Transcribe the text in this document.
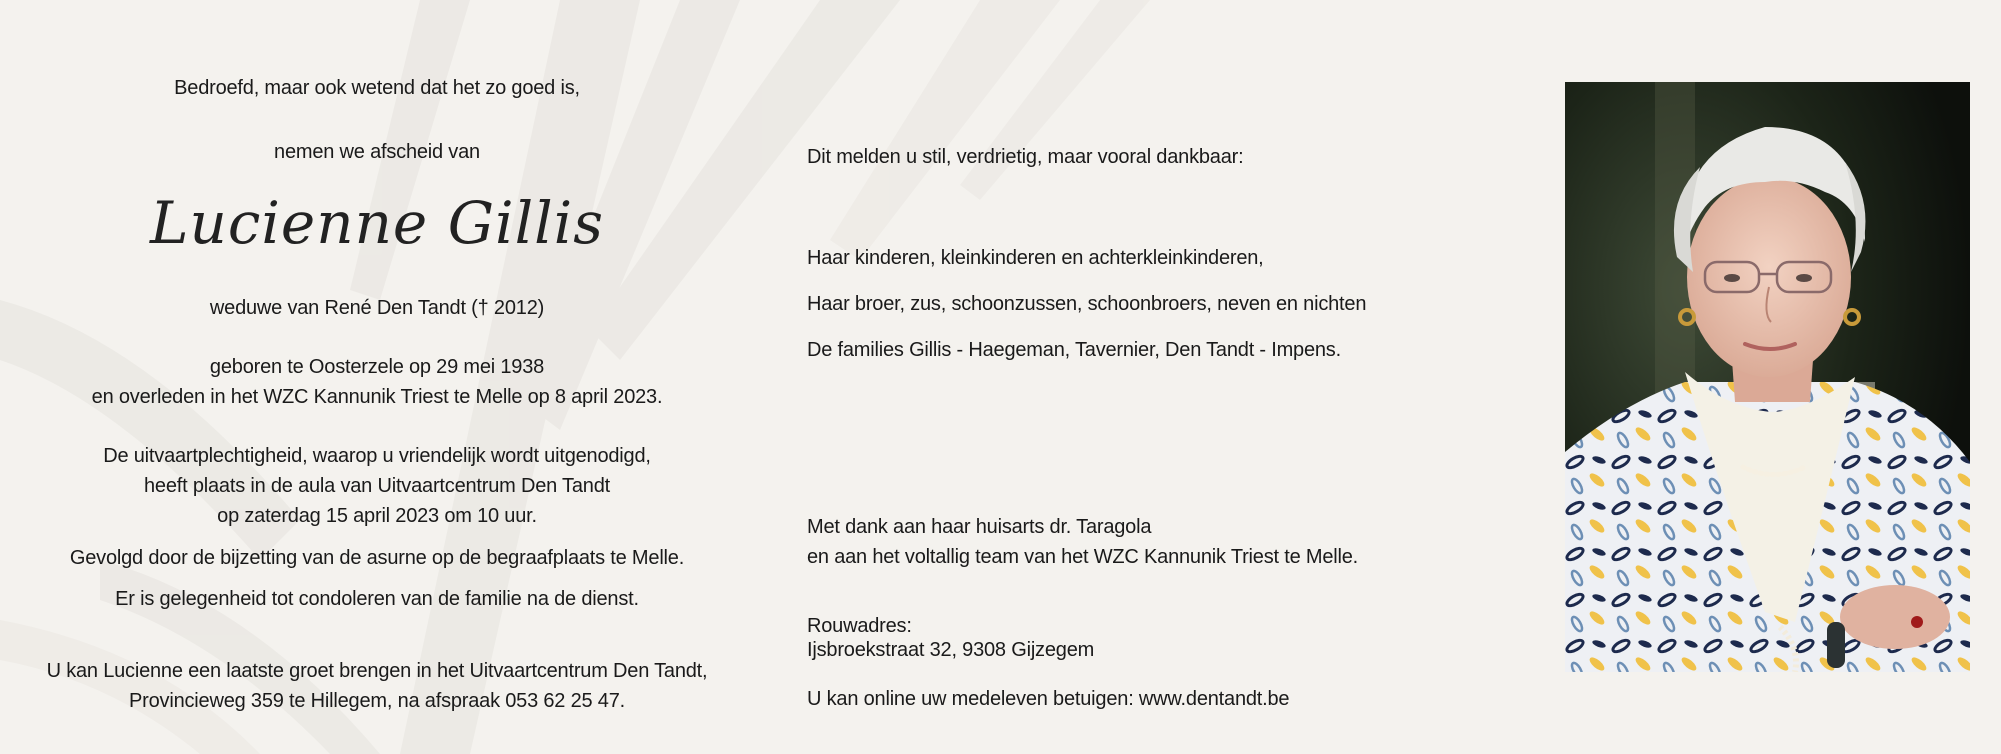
Bedroefd, maar ook wetend dat het zo goed is,
nemen we afscheid van
Lucienne Gillis
weduwe van René Den Tandt († 2012)
geboren te Oosterzele op 29 mei 1938
en overleden in het WZC Kannunik Triest te Melle op 8 april 2023.
De uitvaartplechtigheid, waarop u vriendelijk wordt uitgenodigd,
heeft plaats in de aula van Uitvaartcentrum Den Tandt
op zaterdag 15 april 2023 om 10 uur.
Gevolgd door de bijzetting van de asurne op de begraafplaats te Melle.
Er is gelegenheid tot condoleren van de familie na de dienst.
U kan Lucienne een laatste groet brengen in het Uitvaartcentrum Den Tandt,
Provincieweg 359 te Hillegem, na afspraak 053 62 25 47.
Dit melden u stil, verdrietig, maar vooral dankbaar:
Haar kinderen, kleinkinderen en achterkleinkinderen,
Haar broer, zus, schoonzussen, schoonbroers, neven en nichten
De families Gillis - Haegeman, Tavernier, Den Tandt - Impens.
Met dank aan haar huisarts dr. Taragola
en aan het voltallig team van het WZC Kannunik Triest te Melle.
Rouwadres:
Ijsbroekstraat 32, 9308 Gijzegem
U kan online uw medeleven betuigen: www.dentandt.be
